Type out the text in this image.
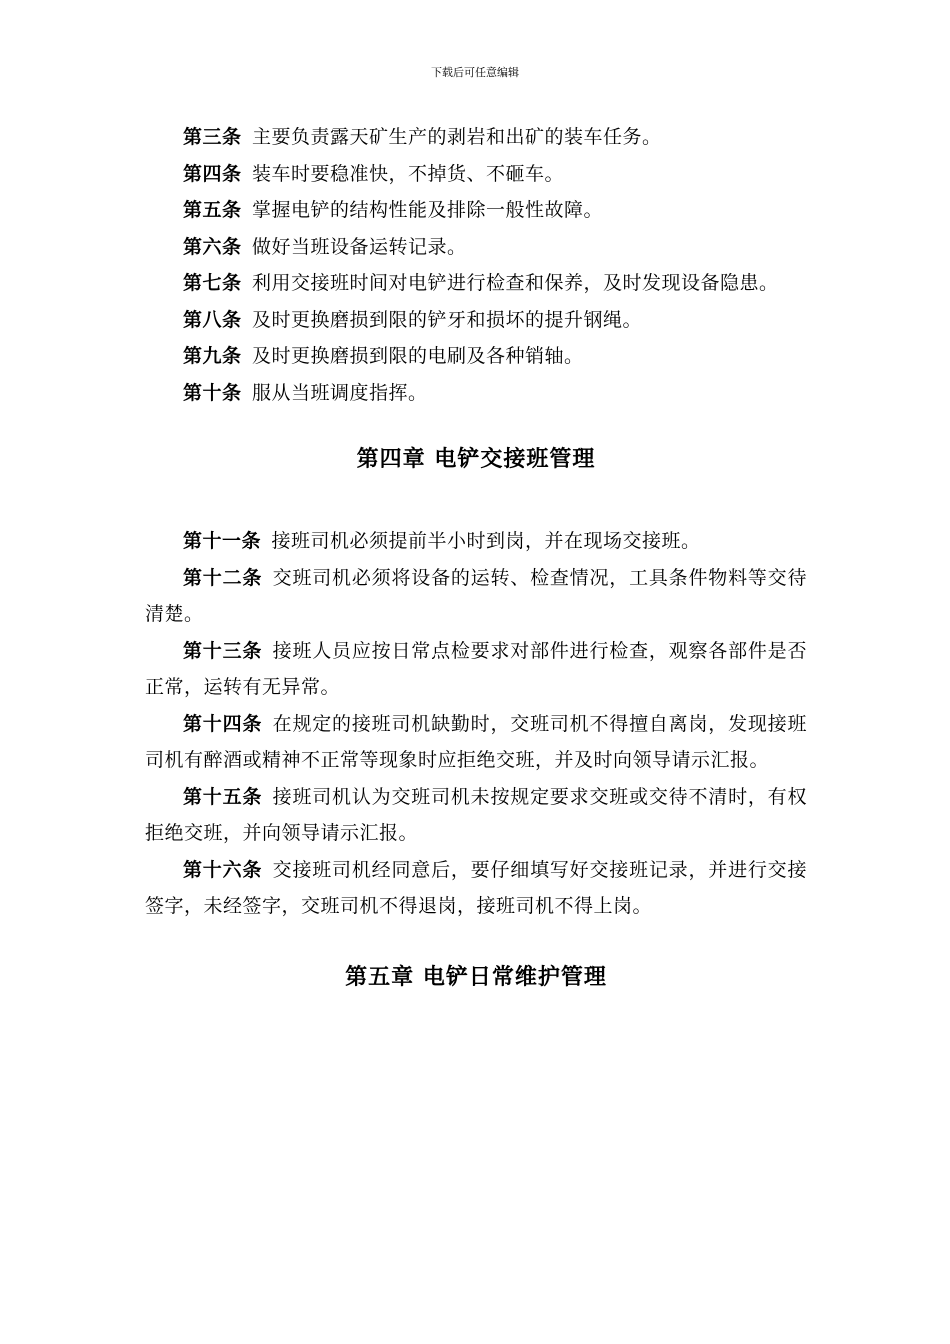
下载后可任意编辑

第三条 主要负责露天矿生产的剥岩和出矿的装车任务。

第四条 装车时要稳准快，不掉货、不砸车。

第五条 掌握电铲的结构性能及排除一般性故障。

第六条 做好当班设备运转记录。

第七条 利用交接班时间对电铲进行检查和保养，及时发现设备隐患。

第八条 及时更换磨损到限的铲牙和损坏的提升钢绳。

第九条 及时更换磨损到限的电刷及各种销轴。

第十条 服从当班调度指挥。

第四章 电铲交接班管理

第十一条 接班司机必须提前半小时到岗，并在现场交接班。

第十二条 交班司机必须将设备的运转、检查情况，工具条件物料等交待清楚。

第十三条 接班人员应按日常点检要求对部件进行检查，观察各部件是否正常，运转有无异常。

第十四条 在规定的接班司机缺勤时，交班司机不得擅自离岗，发现接班司机有醉酒或精神不正常等现象时应拒绝交班，并及时向领导请示汇报。

第十五条 接班司机认为交班司机未按规定要求交班或交待不清时，有权拒绝交班，并向领导请示汇报。

第十六条 交接班司机经同意后，要仔细填写好交接班记录，并进行交接签字，未经签字，交班司机不得退岗，接班司机不得上岗。

第五章 电铲日常维护管理
